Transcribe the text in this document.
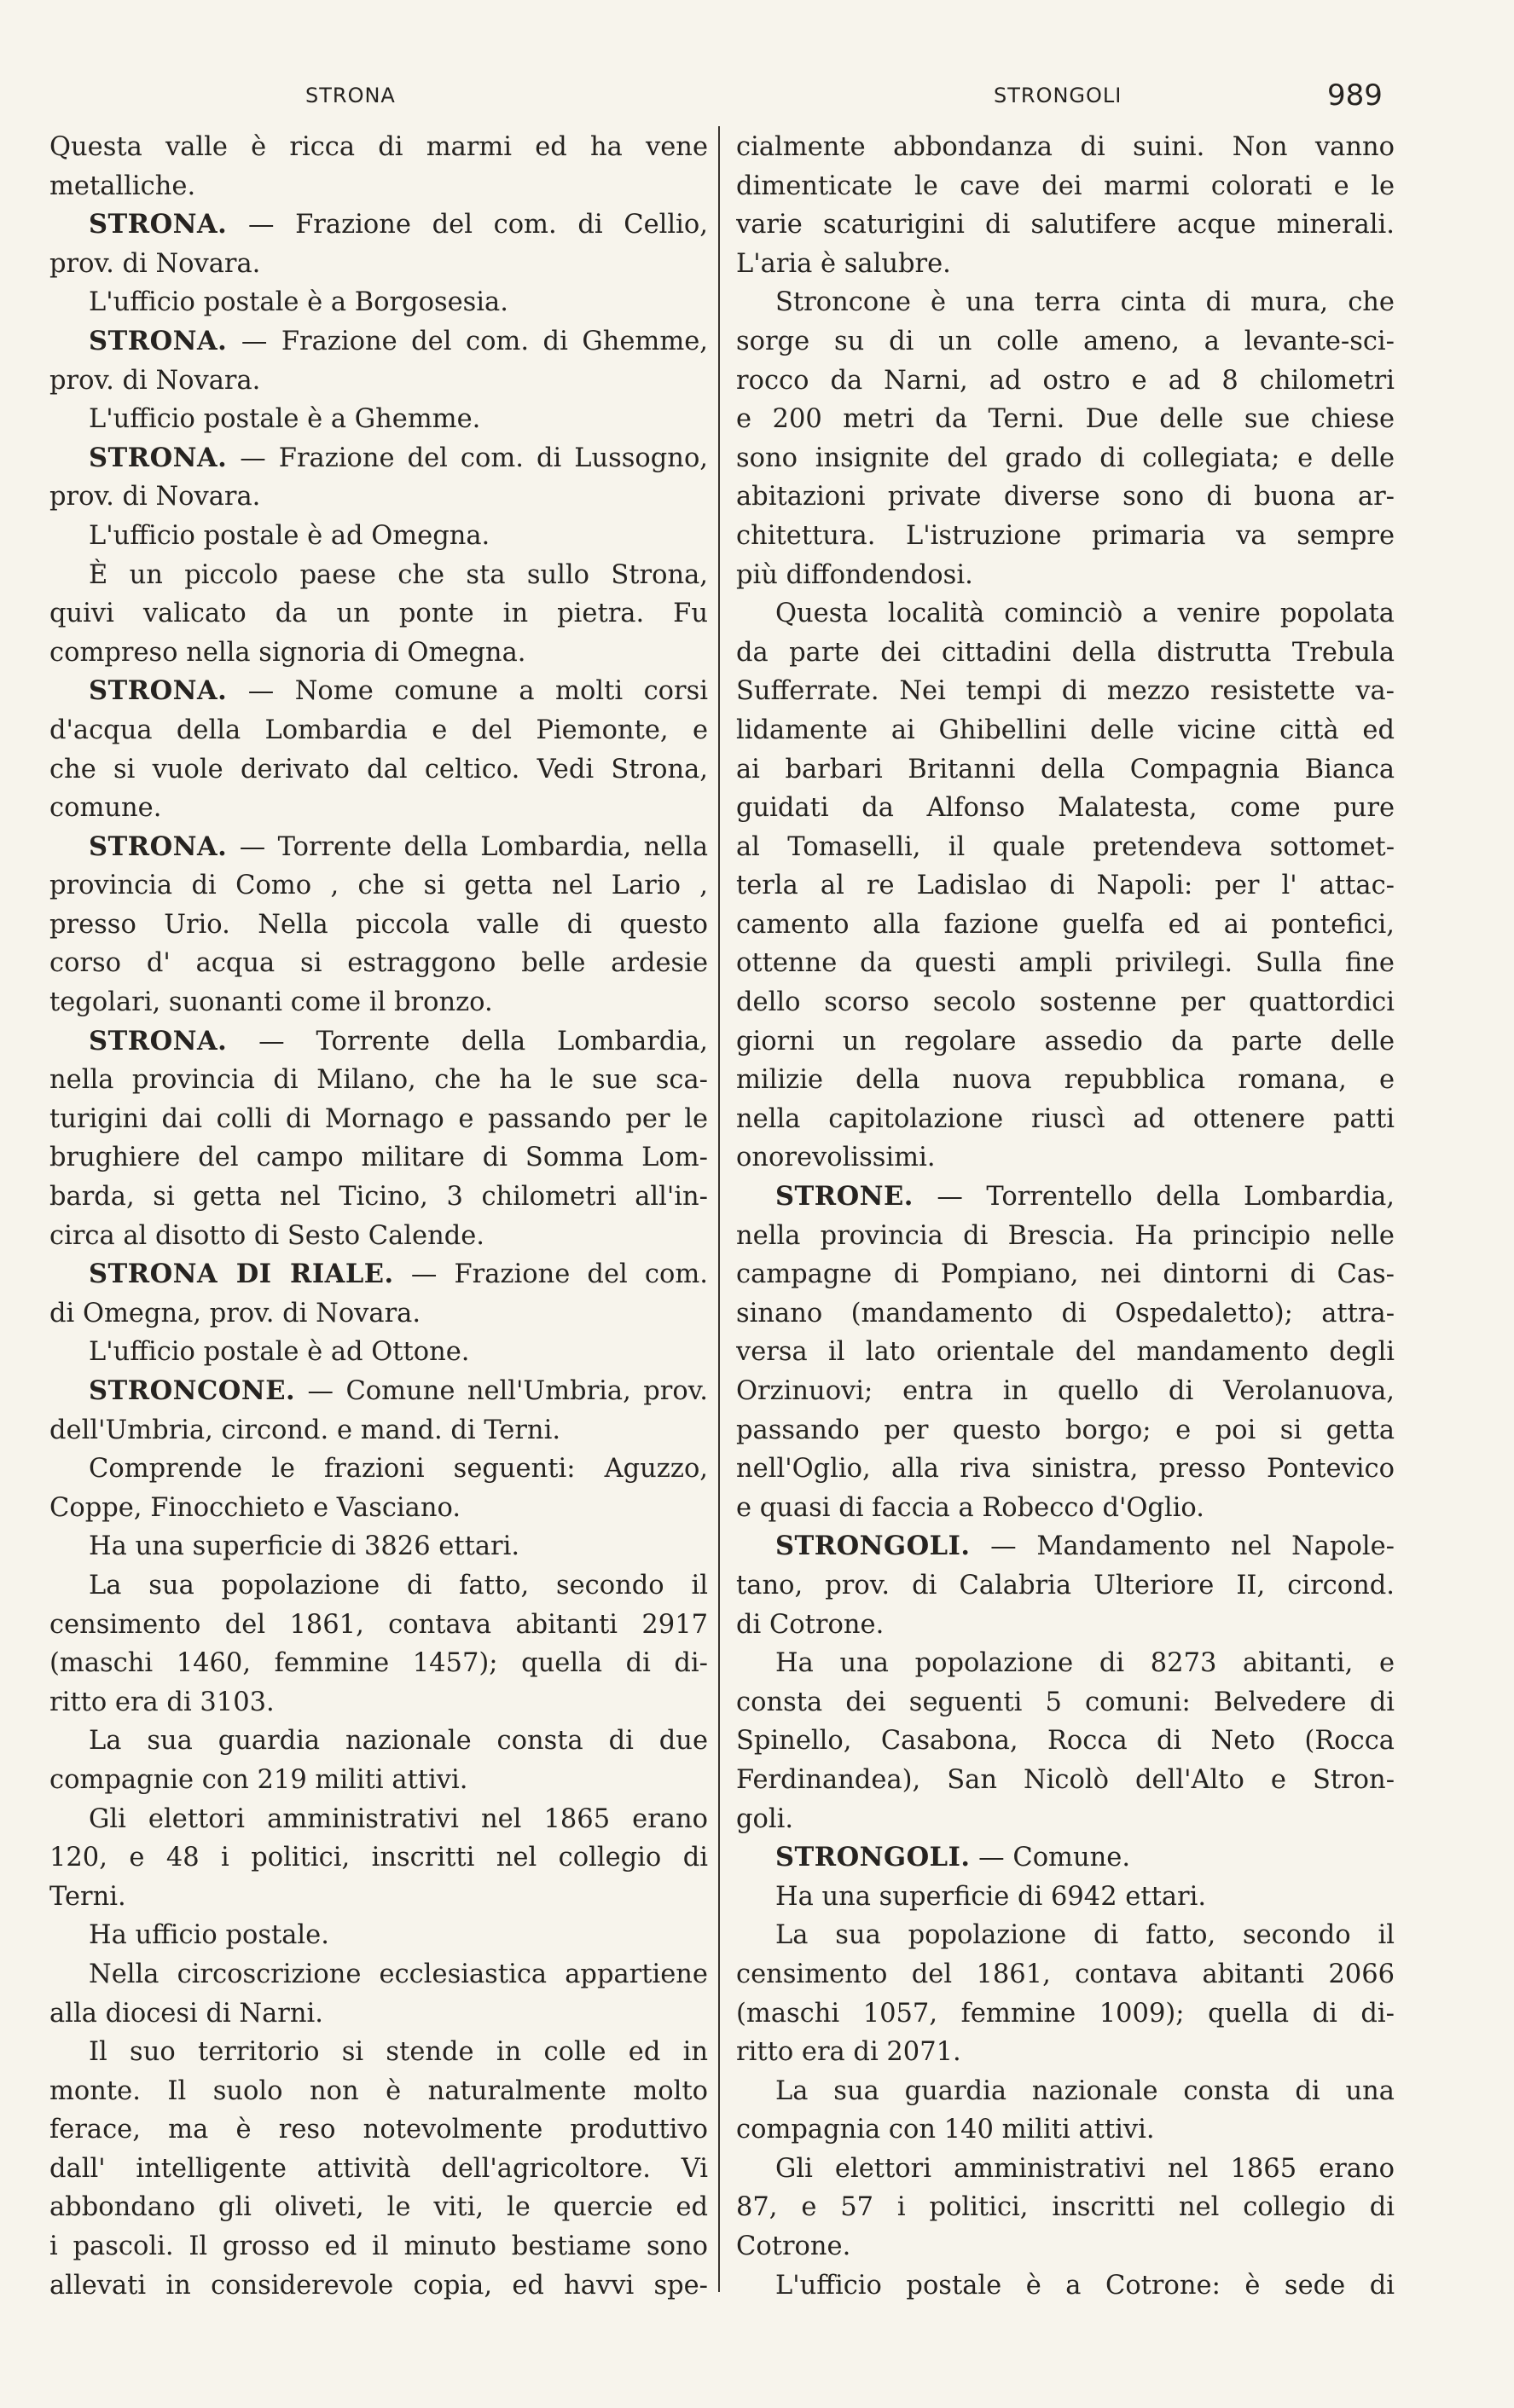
STRONA	STRONGOLI	989
Questa valle è ricca di marmi ed ha vene
metalliche.
STRONA. — Frazione del com. di Cellio,
prov. di Novara.
L'ufficio postale è a Borgosesia.
STRONA. — Frazione del com. di Ghemme,
prov. di Novara.
L'ufficio postale è a Ghemme.
STRONA. — Frazione del com. di Lussogno,
prov. di Novara.
L'ufficio postale è ad Omegna.
È un piccolo paese che sta sullo Strona,
quivi valicato da un ponte in pietra. Fu
compreso nella signoria di Omegna.
STRONA. — Nome comune a molti corsi
d'acqua della Lombardia e del Piemonte, e
che si vuole derivato dal celtico. Vedi Strona,
comune.
STRONA. — Torrente della Lombardia, nella
provincia di Como , che si getta nel Lario ,
presso Urio. Nella piccola valle di questo
corso d' acqua si estraggono belle ardesie
tegolari, suonanti come il bronzo.
STRONA. — Torrente della Lombardia,
nella provincia di Milano, che ha le sue sca-
turigini dai colli di Mornago e passando per le
brughiere del campo militare di Somma Lom-
barda, si getta nel Ticino, 3 chilometri all'in-
circa al disotto di Sesto Calende.
STRONA DI RIALE. — Frazione del com.
di Omegna, prov. di Novara.
L'ufficio postale è ad Ottone.
STRONCONE. — Comune nell'Umbria, prov.
dell'Umbria, circond. e mand. di Terni.
Comprende le frazioni seguenti: Aguzzo,
Coppe, Finocchieto e Vasciano.
Ha una superficie di 3826 ettari.
La sua popolazione di fatto, secondo il
censimento del 1861, contava abitanti 2917
(maschi 1460, femmine 1457); quella di di-
ritto era di 3103.
La sua guardia nazionale consta di due
compagnie con 219 militi attivi.
Gli elettori amministrativi nel 1865 erano
120, e 48 i politici, inscritti nel collegio di
Terni.
Ha ufficio postale.
Nella circoscrizione ecclesiastica appartiene
alla diocesi di Narni.
Il suo territorio si stende in colle ed in
monte. Il suolo non è naturalmente molto
ferace, ma è reso notevolmente produttivo
dall' intelligente attività dell'agricoltore. Vi
abbondano gli oliveti, le viti, le quercie ed
i pascoli. Il grosso ed il minuto bestiame sono
allevati in considerevole copia, ed havvi spe-
cialmente abbondanza di suini. Non vanno
dimenticate le cave dei marmi colorati e le
varie scaturigini di salutifere acque minerali.
L'aria è salubre.
Stroncone è una terra cinta di mura, che
sorge su di un colle ameno, a levante-sci-
rocco da Narni, ad ostro e ad 8 chilometri
e 200 metri da Terni. Due delle sue chiese
sono insignite del grado di collegiata; e delle
abitazioni private diverse sono di buona ar-
chitettura. L'istruzione primaria va sempre
più diffondendosi.
Questa località cominciò a venire popolata
da parte dei cittadini della distrutta Trebula
Sufferrate. Nei tempi di mezzo resistette va-
lidamente ai Ghibellini delle vicine città ed
ai barbari Britanni della Compagnia Bianca
guidati da Alfonso Malatesta, come pure
al Tomaselli, il quale pretendeva sottomet-
terla al re Ladislao di Napoli: per l' attac-
camento alla fazione guelfa ed ai pontefici,
ottenne da questi ampli privilegi. Sulla fine
dello scorso secolo sostenne per quattordici
giorni un regolare assedio da parte delle
milizie della nuova repubblica romana, e
nella capitolazione riuscì ad ottenere patti
onorevolissimi.
STRONE. — Torrentello della Lombardia,
nella provincia di Brescia. Ha principio nelle
campagne di Pompiano, nei dintorni di Cas-
sinano (mandamento di Ospedaletto); attra-
versa il lato orientale del mandamento degli
Orzinuovi; entra in quello di Verolanuova,
passando per questo borgo; e poi si getta
nell'Oglio, alla riva sinistra, presso Pontevico
e quasi di faccia a Robecco d'Oglio.
STRONGOLI. — Mandamento nel Napole-
tano, prov. di Calabria Ulteriore II, circond.
di Cotrone.
Ha una popolazione di 8273 abitanti, e
consta dei seguenti 5 comuni: Belvedere di
Spinello, Casabona, Rocca di Neto (Rocca
Ferdinandea), San Nicolò dell'Alto e Stron-
goli.
STRONGOLI. — Comune.
Ha una superficie di 6942 ettari.
La sua popolazione di fatto, secondo il
censimento del 1861, contava abitanti 2066
(maschi 1057, femmine 1009); quella di di-
ritto era di 2071.
La sua guardia nazionale consta di una
compagnia con 140 militi attivi.
Gli elettori amministrativi nel 1865 erano
87, e 57 i politici, inscritti nel collegio di
Cotrone.
L'ufficio postale è a Cotrone: è sede di
